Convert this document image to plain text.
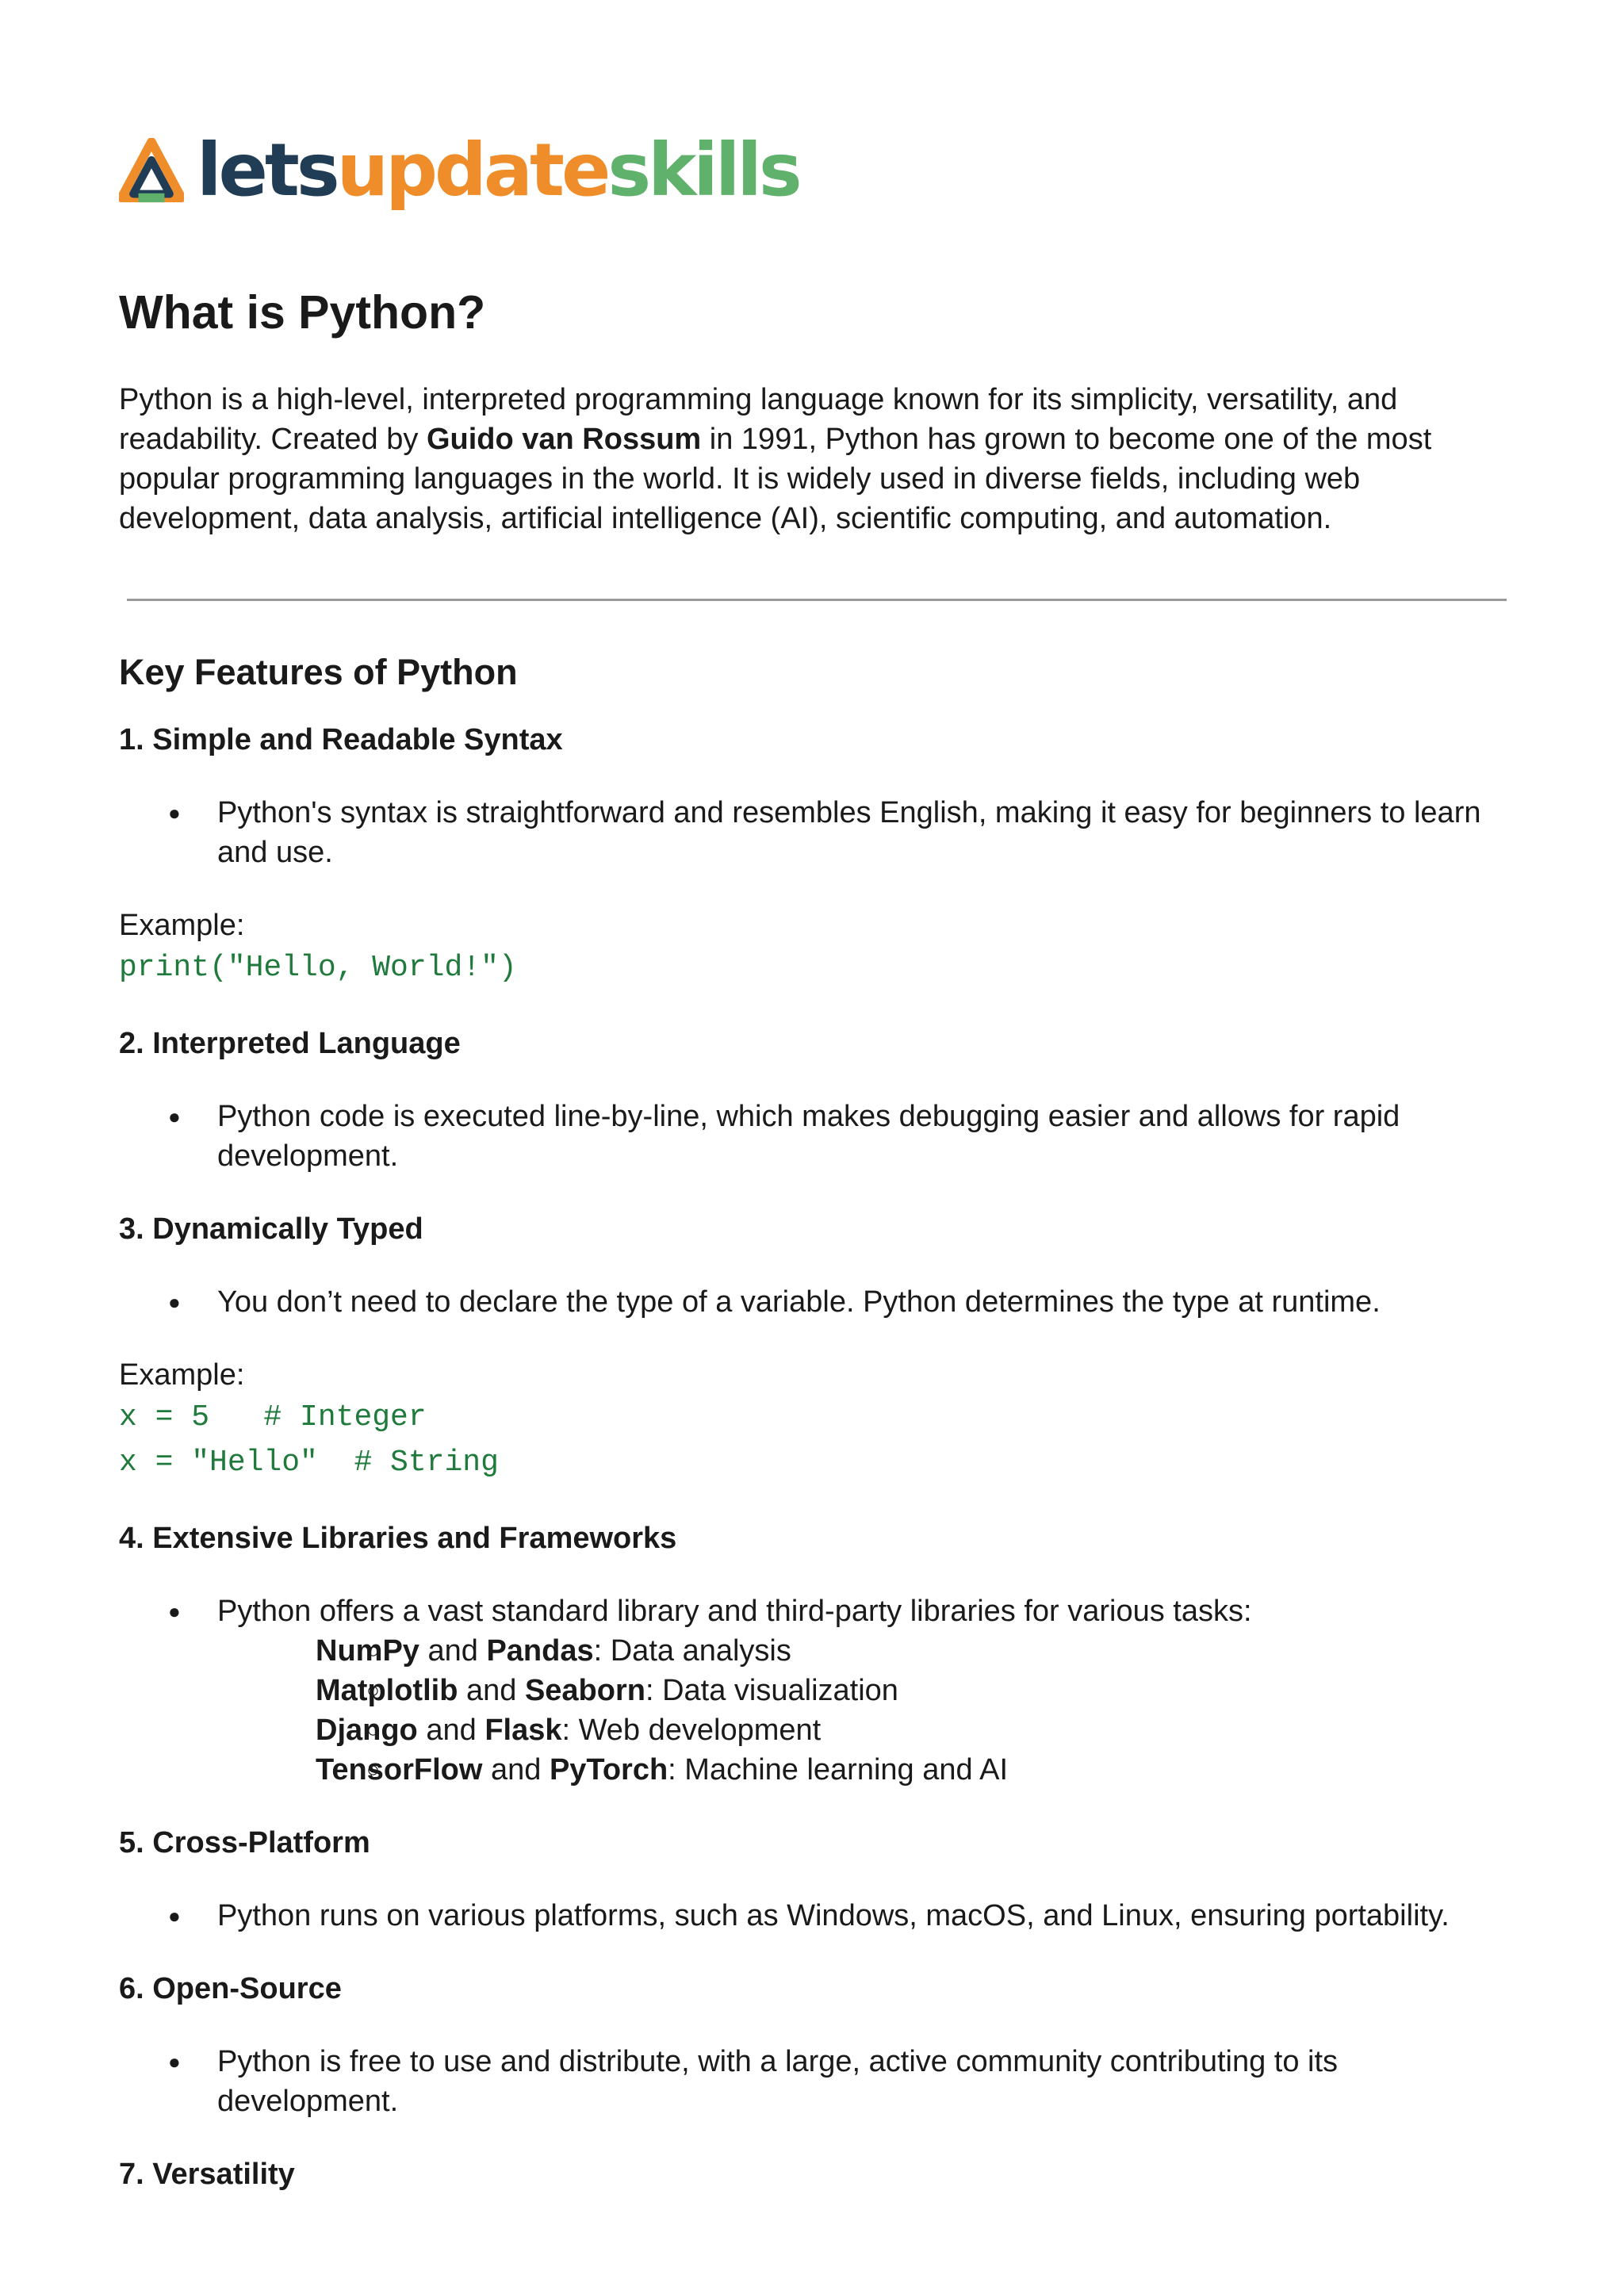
letsupdateskills
What is Python?
Python is a high-level, interpreted programming language known for its simplicity, versatility, and readability. Created by Guido van Rossum in 1991, Python has grown to become one of the most popular programming languages in the world. It is widely used in diverse fields, including web development, data analysis, artificial intelligence (AI), scientific computing, and automation.
Key Features of Python
1. Simple and Readable Syntax
● Python's syntax is straightforward and resembles English, making it easy for beginners to learn and use.
Example:
print("Hello, World!")
2. Interpreted Language
● Python code is executed line-by-line, which makes debugging easier and allows for rapid development.
3. Dynamically Typed
● You don’t need to declare the type of a variable. Python determines the type at runtime.
Example:
x = 5   # Integer
x = "Hello"  # String
4. Extensive Libraries and Frameworks
● Python offers a vast standard library and third-party libraries for various tasks:
○ NumPy and Pandas: Data analysis
○ Matplotlib and Seaborn: Data visualization
○ Django and Flask: Web development
○ TensorFlow and PyTorch: Machine learning and AI
5. Cross-Platform
● Python runs on various platforms, such as Windows, macOS, and Linux, ensuring portability.
6. Open-Source
● Python is free to use and distribute, with a large, active community contributing to its development.
7. Versatility
